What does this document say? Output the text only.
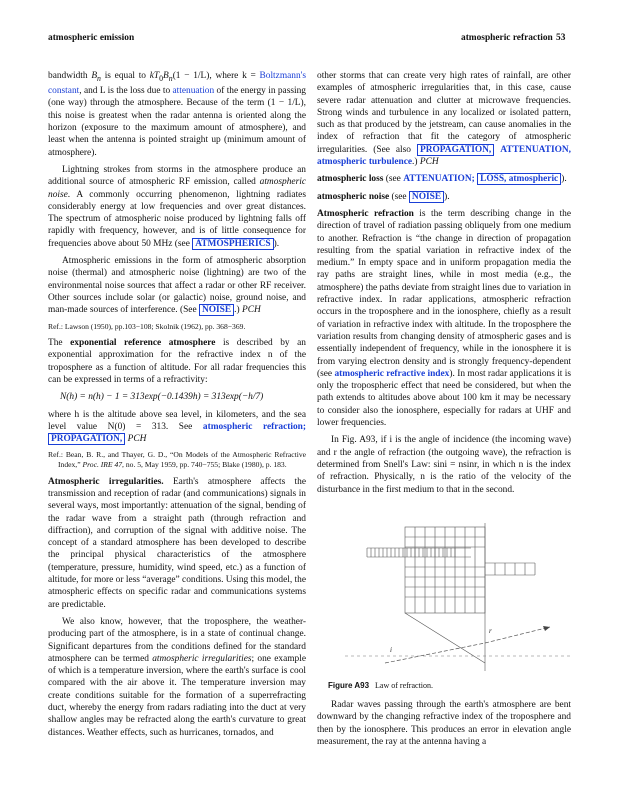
atmospheric emission	atmospheric refraction 53

bandwidth $B_n$ is equal to $kT_0B_n(1 - 1/L)$, where k = Boltzmann's constant, and L is the loss due to attenuation of the energy in passing (one way) through the atmosphere. Because of the term (1 − 1/L), this noise is greatest when the radar antenna is oriented along the horizon (exposure to the maximum amount of atmosphere), and least when the antenna is pointed straight up (minimum amount of atmosphere).

Lightning strokes from storms in the atmosphere produce an additional source of atmospheric RF emission, called atmospheric noise. A commonly occurring phenomenon, lightning radiates considerably energy at low frequencies and over great distances. The spectrum of atmospheric noise produced by lightning falls off rapidly with frequency, however, and is of little consequence for frequencies above about 50 MHz (see ATMOSPHERICS ).

Atmospheric emissions in the form of atmospheric absorption noise (thermal) and atmospheric noise (lightning) are two of the environmental noise sources that affect a radar or other RF receiver. Other sources include solar (or galactic) noise, ground noise, and man-made sources of interference. (See NOISE .) PCH

Ref.: Lawson (1950), pp.103−108; Skolnik (1962), pp. 368−369.

The exponential reference atmosphere is described by an exponential approximation for the refractive index n of the troposphere as a function of altitude. For all radar frequencies this can be expressed in terms of a refractivity:

N(h) = n(h) − 1 = 313exp(−0.1439h) = 313exp(−h/7)

where h is the altitude above sea level, in kilometers, and the sea level value N(0) = 313. See atmospheric refraction; PROPAGATION, PCH

Ref.: Bean, B. R., and Thayer, G. D., “On Models of the Atmospheric Refractive Index,” Proc. IRE 47, no. 5, May 1959, pp. 740−755; Blake (1980), p. 183.

Atmospheric irregularities. Earth's atmosphere affects the transmission and reception of radar (and communications) signals in several ways, most importantly: attenuation of the signal, bending of the radar wave from a straight path (through refraction and diffraction), and corruption of the signal with additive noise. The concept of a standard atmosphere has been developed to describe the principal physical characteristics of the atmosphere (temperature, pressure, humidity, wind speed, etc.) as a function of altitude, for more or less “average” conditions. Using this model, the atmospheric effects on specific radar and communications systems are predictable.

We also know, however, that the troposphere, the weather-producing part of the atmosphere, is in a state of continual change. Significant departures from the conditions defined for the standard atmosphere can be termed atmospheric irregularities; one example of which is a temperature inversion, where the earth's surface is cool compared with the air above it. The temperature inversion may create conditions suitable for the formation of a superrefracting duct, whereby the energy from radars radiating into the duct at very shallow angles may be refracted along the earth's curvature to great distances. Weather effects, such as hurricanes, tornados, and

other storms that can create very high rates of rainfall, are other examples of atmospheric irregularities that, in this case, cause severe radar attenuation and clutter at microwave frequencies. Strong winds and turbulence in any localized or isolated pattern, such as that produced by the jetstream, can cause anomalies in the index of refraction that fit the category of atmospheric irregularities. (See also PROPAGATION, ATTENUATION, atmospheric turbulence.) PCH

atmospheric loss (see ATTENUATION; LOSS, atmospheric ).

atmospheric noise (see NOISE ).

Atmospheric refraction is the term describing change in the direction of travel of radiation passing obliquely from one medium to another. Refraction is “the change in direction of propagation resulting from the spatial variation in refractive index of the medium.” In empty space and in uniform propagation media the ray paths are straight lines, while in most media (e.g., the atmosphere) the paths deviate from straight lines due to variation in refractive index. In radar applications, atmospheric refraction occurs in the troposphere and in the ionosphere, chiefly as a result of variation in refractive index with altitude. In the troposphere the variation results from changing density of atmospheric gases and is essentially independent of frequency, while in the ionosphere it is from varying electron density and is strongly frequency-dependent (see atmospheric refractive index). In most radar applications it is only the tropospheric effect that need be considered, but when the path extends to altitudes above about 100 km it may be necessary to consider also the ionosphere, especially for radars at UHF and lower frequencies.

In Fig. A93, if i is the angle of incidence (the incoming wave) and r the angle of refraction (the outgoing wave), the refraction is determined from Snell's Law: sini = nsinr, in which n is the index of refraction. Physically, n is the ratio of the velocity of the disturbance in the first medium to that in the second.

i
r
Figure A93 Law of refraction.

Radar waves passing through the earth's atmosphere are bent downward by the changing refractive index of the troposphere and then by the ionosphere. This produces an error in elevation angle measurement, the ray at the antenna having a
